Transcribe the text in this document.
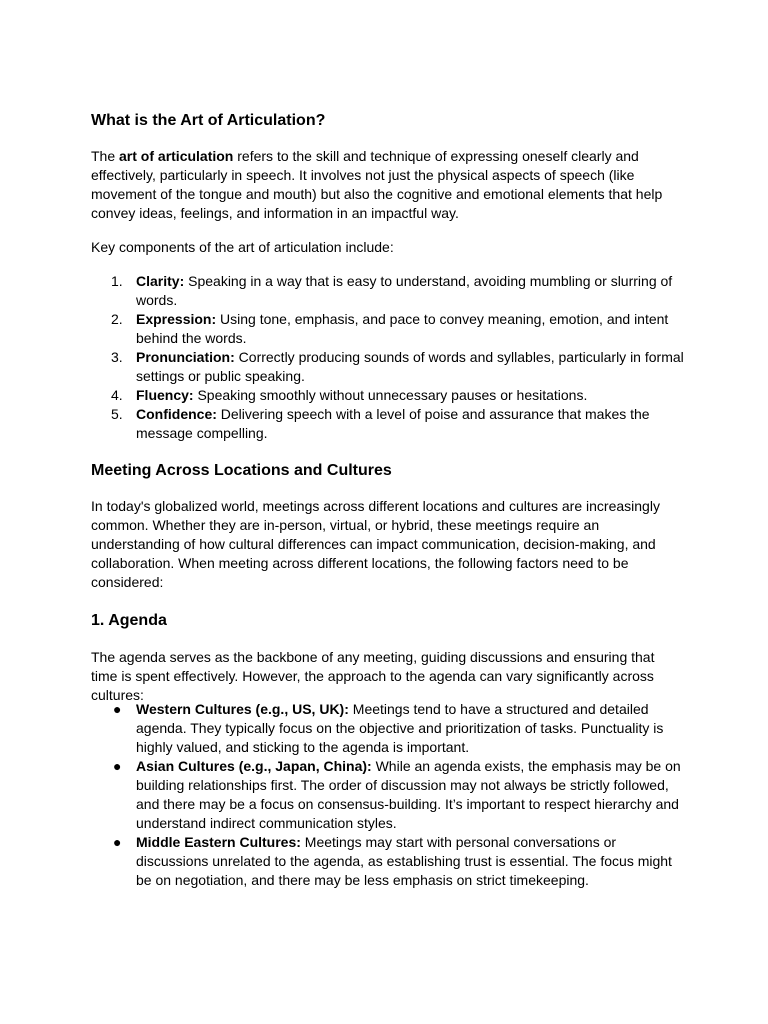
What is the Art of Articulation?

The art of articulation refers to the skill and technique of expressing oneself clearly and effectively, particularly in speech. It involves not just the physical aspects of speech (like movement of the tongue and mouth) but also the cognitive and emotional elements that help convey ideas, feelings, and information in an impactful way.

Key components of the art of articulation include:

1. Clarity: Speaking in a way that is easy to understand, avoiding mumbling or slurring of words.
2. Expression: Using tone, emphasis, and pace to convey meaning, emotion, and intent behind the words.
3. Pronunciation: Correctly producing sounds of words and syllables, particularly in formal settings or public speaking.
4. Fluency: Speaking smoothly without unnecessary pauses or hesitations.
5. Confidence: Delivering speech with a level of poise and assurance that makes the message compelling.
Meeting Across Locations and Cultures

In today's globalized world, meetings across different locations and cultures are increasingly common. Whether they are in-person, virtual, or hybrid, these meetings require an understanding of how cultural differences can impact communication, decision-making, and collaboration. When meeting across different locations, the following factors need to be considered:

1. Agenda

The agenda serves as the backbone of any meeting, guiding discussions and ensuring that time is spent effectively. However, the approach to the agenda can vary significantly across cultures:

● Western Cultures (e.g., US, UK): Meetings tend to have a structured and detailed agenda. They typically focus on the objective and prioritization of tasks. Punctuality is highly valued, and sticking to the agenda is important.
● Asian Cultures (e.g., Japan, China): While an agenda exists, the emphasis may be on building relationships first. The order of discussion may not always be strictly followed, and there may be a focus on consensus-building. It’s important to respect hierarchy and understand indirect communication styles.
● Middle Eastern Cultures: Meetings may start with personal conversations or discussions unrelated to the agenda, as establishing trust is essential. The focus might be on negotiation, and there may be less emphasis on strict timekeeping.
